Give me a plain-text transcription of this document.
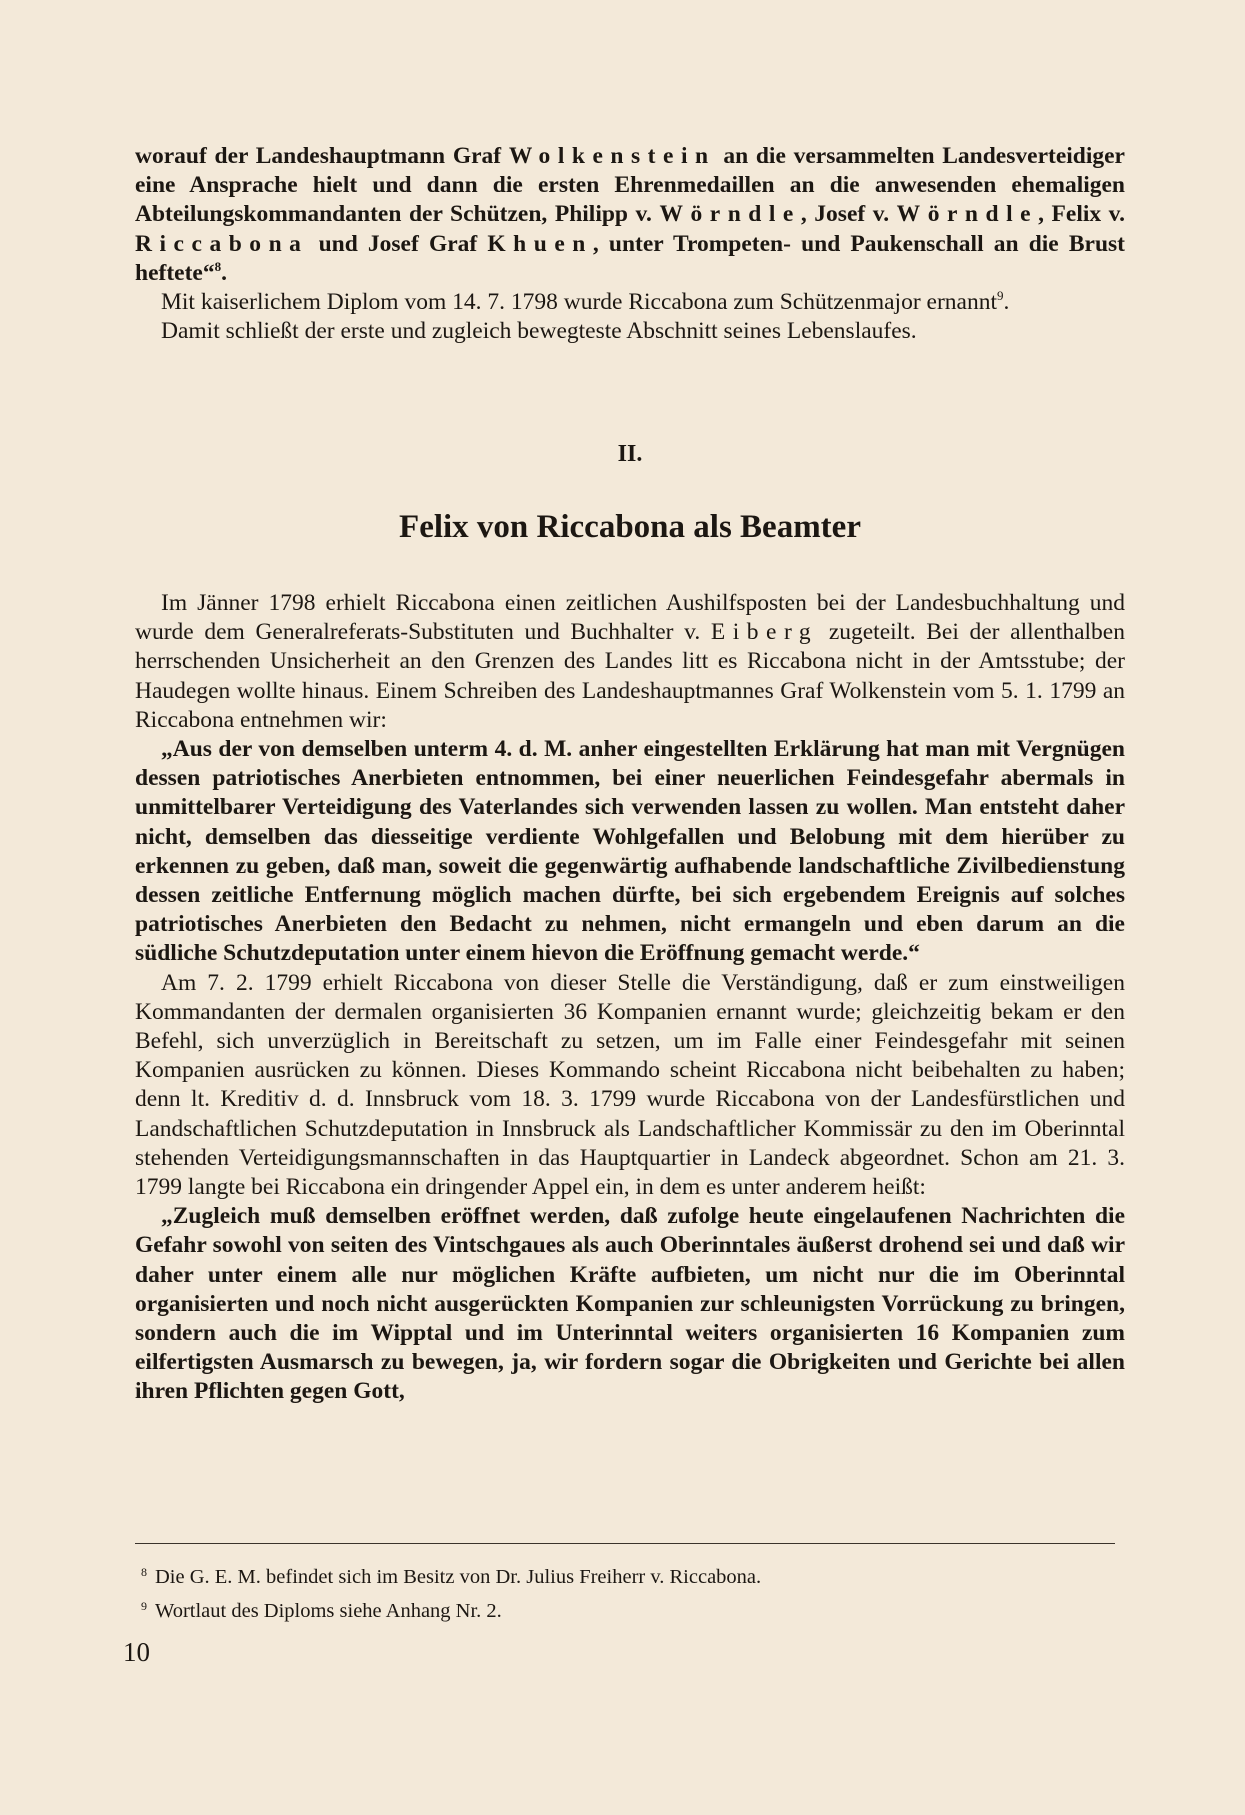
worauf der Landeshauptmann Graf Wolkenstein an die versammelten Landesverteidiger eine Ansprache hielt und dann die ersten Ehrenmedaillen an die anwesenden ehemaligen Abteilungskommandanten der Schützen, Philipp v. Wörndle, Josef v. Wörndle, Felix v. Riccabona und Josef Graf Khuen, unter Trompeten- und Paukenschall an die Brust heftete“$^8$.

Mit kaiserlichem Diplom vom 14. 7. 1798 wurde Riccabona zum Schützenmajor ernannt$^9$.

Damit schließt der erste und zugleich bewegteste Abschnitt seines Lebenslaufes.

II.
Felix von Riccabona als Beamter

Im Jänner 1798 erhielt Riccabona einen zeitlichen Aushilfsposten bei der Landesbuchhaltung und wurde dem Generalreferats-Substituten und Buchhalter v. Eiberg zugeteilt. Bei der allenthalben herrschenden Unsicherheit an den Grenzen des Landes litt es Riccabona nicht in der Amtsstube; der Haudegen wollte hinaus. Einem Schreiben des Landeshauptmannes Graf Wolkenstein vom 5. 1. 1799 an Riccabona entnehmen wir:

„Aus der von demselben unterm 4. d. M. anher eingestellten Erklärung hat man mit Vergnügen dessen patriotisches Anerbieten entnommen, bei einer neuerlichen Feindesgefahr abermals in unmittelbarer Verteidigung des Vaterlandes sich verwenden lassen zu wollen. Man entsteht daher nicht, demselben das diesseitige verdiente Wohlgefallen und Belobung mit dem hierüber zu erkennen zu geben, daß man, soweit die gegenwärtig aufhabende landschaftliche Zivilbedienstung dessen zeitliche Entfernung möglich machen dürfte, bei sich ergebendem Ereignis auf solches patriotisches Anerbieten den Bedacht zu nehmen, nicht ermangeln und eben darum an die südliche Schutzdeputation unter einem hievon die Eröffnung gemacht werde.“

Am 7. 2. 1799 erhielt Riccabona von dieser Stelle die Verständigung, daß er zum einstweiligen Kommandanten der dermalen organisierten 36 Kompanien ernannt wurde; gleichzeitig bekam er den Befehl, sich unverzüglich in Bereitschaft zu setzen, um im Falle einer Feindesgefahr mit seinen Kompanien ausrücken zu können. Dieses Kommando scheint Riccabona nicht beibehalten zu haben; denn lt. Kreditiv d. d. Innsbruck vom 18. 3. 1799 wurde Riccabona von der Landesfürstlichen und Landschaftlichen Schutzdeputation in Innsbruck als Landschaftlicher Kommissär zu den im Oberinntal stehenden Verteidigungsmannschaften in das Hauptquartier in Landeck abgeordnet. Schon am 21. 3. 1799 langte bei Riccabona ein dringender Appel ein, in dem es unter anderem heißt:

„Zugleich muß demselben eröffnet werden, daß zufolge heute eingelaufenen Nachrichten die Gefahr sowohl von seiten des Vintschgaues als auch Oberinntales äußerst drohend sei und daß wir daher unter einem alle nur möglichen Kräfte aufbieten, um nicht nur die im Oberinntal organisierten und noch nicht ausgerückten Kompanien zur schleunigsten Vorrückung zu bringen, sondern auch die im Wipptal und im Unterinntal weiters organisierten 16 Kompanien zum eilfertigsten Ausmarsch zu bewegen, ja, wir fordern sogar die Obrigkeiten und Gerichte bei allen ihren Pflichten gegen Gott,

$^8$ Die G. E. M. befindet sich im Besitz von Dr. Julius Freiherr v. Riccabona.

$^9$ Wortlaut des Diploms siehe Anhang Nr. 2.

10
